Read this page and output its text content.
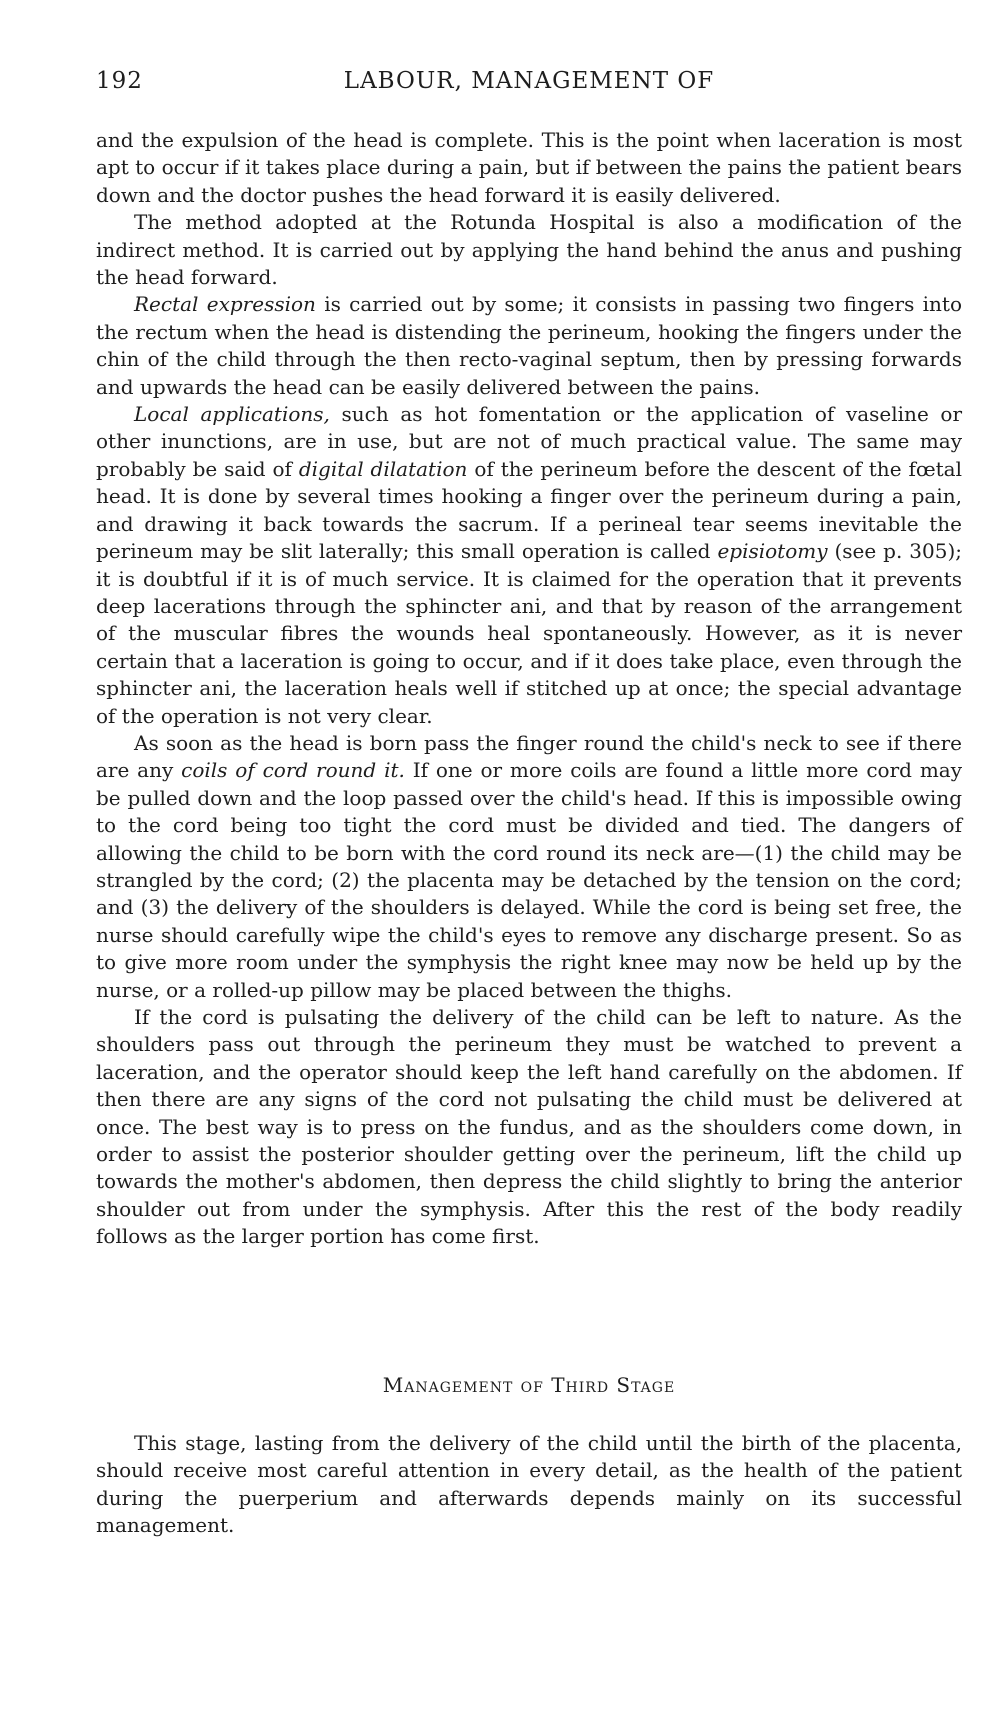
192	LABOUR, MANAGEMENT OF

and the expulsion of the head is complete. This is the point when laceration is most apt to occur if it takes place during a pain, but if between the pains the patient bears down and the doctor pushes the head forward it is easily delivered.

The method adopted at the Rotunda Hospital is also a modification of the indirect method. It is carried out by applying the hand behind the anus and pushing the head forward.

Rectal expression is carried out by some; it consists in passing two fingers into the rectum when the head is distending the perineum, hooking the fingers under the chin of the child through the then recto-vaginal septum, then by pressing forwards and upwards the head can be easily delivered between the pains.

Local applications, such as hot fomentation or the application of vaseline or other inunctions, are in use, but are not of much practical value. The same may probably be said of digital dilatation of the perineum before the descent of the fœtal head. It is done by several times hooking a finger over the perineum during a pain, and drawing it back towards the sacrum. If a perineal tear seems inevitable the perineum may be slit laterally; this small operation is called episiotomy (see p. 305); it is doubtful if it is of much service. It is claimed for the operation that it prevents deep lacerations through the sphincter ani, and that by reason of the arrangement of the muscular fibres the wounds heal spontaneously. However, as it is never certain that a laceration is going to occur, and if it does take place, even through the sphincter ani, the laceration heals well if stitched up at once; the special advantage of the operation is not very clear.

As soon as the head is born pass the finger round the child's neck to see if there are any coils of cord round it. If one or more coils are found a little more cord may be pulled down and the loop passed over the child's head. If this is impossible owing to the cord being too tight the cord must be divided and tied. The dangers of allowing the child to be born with the cord round its neck are—(1) the child may be strangled by the cord; (2) the placenta may be detached by the tension on the cord; and (3) the delivery of the shoulders is delayed. While the cord is being set free, the nurse should carefully wipe the child's eyes to remove any discharge present. So as to give more room under the symphysis the right knee may now be held up by the nurse, or a rolled-up pillow may be placed between the thighs.

If the cord is pulsating the delivery of the child can be left to nature. As the shoulders pass out through the perineum they must be watched to prevent a laceration, and the operator should keep the left hand carefully on the abdomen. If then there are any signs of the cord not pulsating the child must be delivered at once. The best way is to press on the fundus, and as the shoulders come down, in order to assist the posterior shoulder getting over the perineum, lift the child up towards the mother's abdomen, then depress the child slightly to bring the anterior shoulder out from under the symphysis. After this the rest of the body readily follows as the larger portion has come first.

Management of Third Stage

This stage, lasting from the delivery of the child until the birth of the placenta, should receive most careful attention in every detail, as the health of the patient during the puerperium and afterwards depends mainly on its successful management.
